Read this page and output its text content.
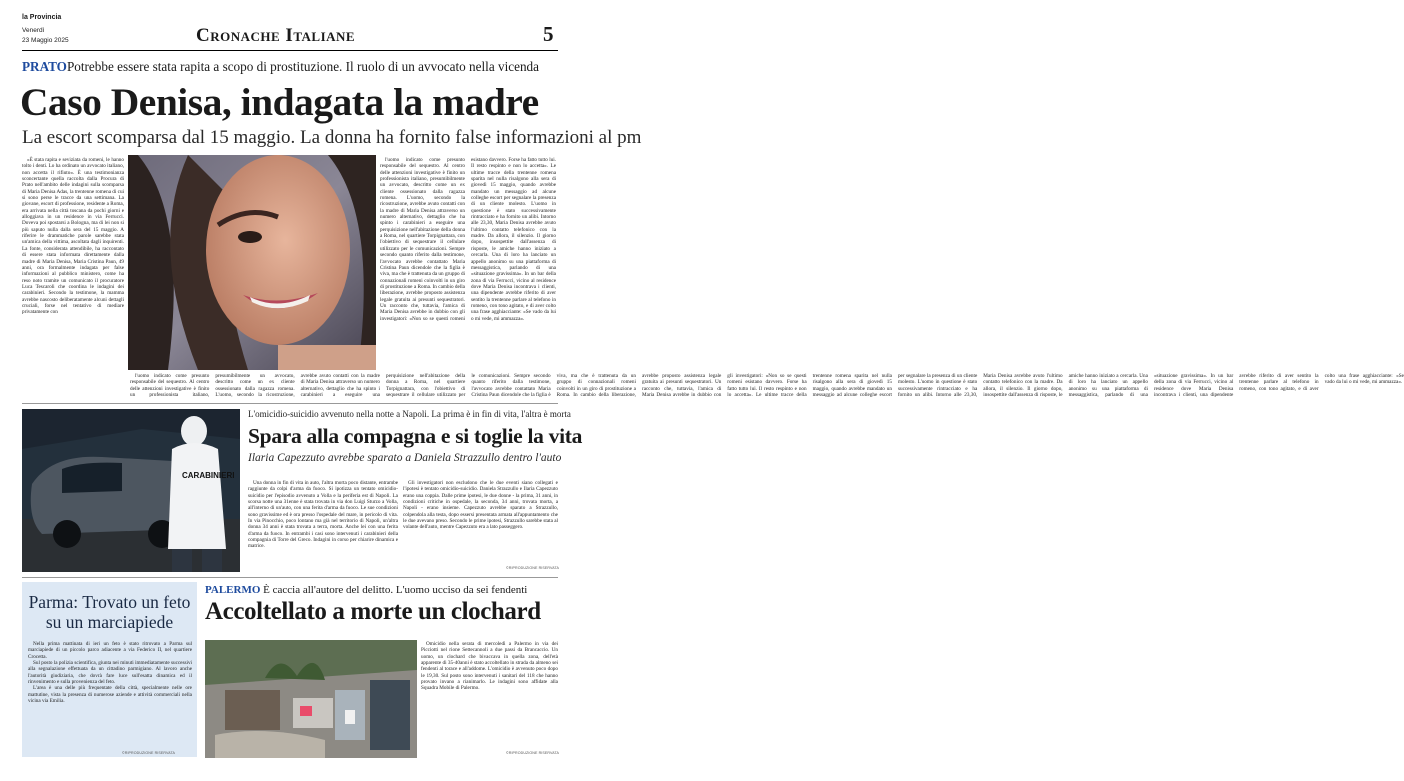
la Provincia
Venerdì
23 Maggio 2025	Cronache Italiane	5
PRATOPotrebbe essere stata rapita a scopo di prostituzione. Il ruolo di un avvocato nella vicenda
Caso Denisa, indagata la madre
La escort scomparsa dal 15 maggio. La donna ha fornito false informazioni al pm

«È stata rapita e seviziata da romeni, le hanno tolto i denti. Lo ha ordinato un avvocato italiano, non accetta il rifiuto». È una testimonianza sconcertante quella raccolta dalla Procura di Prato nell'ambito delle indagini sulla scomparsa di Maria Denisa Adas, la trentenne romena di cui si sono perse le tracce da una settimana. La giovane, escort di professione, residente a Roma, era arrivata nella città toscana da pochi giorni e alloggiava in un residence in via Ferrucci. Doveva poi spostarsi a Bologna, ma di lei non si più saputo nulla dalla sera del 15 maggio. A riferire le drammatiche parole sarebbe stata un'amica della vittima, ascoltata dagli inquirenti. La fonte, considerata attendibile, ha raccontato di essere stata informata direttamente dalla madre di Maria Denisa, Maria Cristina Paun, 49 anni, ora formalmente indagata per false informazioni al pubblico ministero, come ha reso noto tramite un comunicato il procuratore Luca Tescaroli che coordina le indagini dei carabinieri. Secondo la testimone, la mamma avrebbe nascosto deliberatamente alcuni dettagli cruciali, forse nel tentativo di mediare privatamente con

l'uomo indicato come presunto responsabile del sequestro. Al centro delle attenzioni investigative è finito un professionista italiano, presumibilmente un avvocato, descritto come un ex cliente ossessionato dalla ragazza romena. L'uomo, secondo la ricostruzione, avrebbe avuto contatti con la madre di Maria Denisa attraverso un numero alternativo, dettaglio che ha spinto i carabinieri a eseguire una perquisizione nell'abitazione della donna a Roma, nel quartiere Torpignattara, con l'obiettivo di sequestrare il cellulare utilizzato per le comunicazioni. Sempre secondo quanto riferito dalla testimone, l'avvocato avrebbe contattato Maria Cristina Paun dicendole che la figlia è viva, ma che è trattenuta da un gruppo di connazionali romeni coinvolti in un giro di prostituzione a Roma. In cambio della liberazione, avrebbe proposto assistenza legale gratuita ai presunti sequestratori. Un racconto che, tuttavia, l'amica di Maria Denisa avrebbe in dubbio con gli investigatori: «Non so se questi romeni esistano davvero. Forse ha fatto tutto lui. Il resto respinto e non lo accetta». Le ultime tracce della trentenne romena sparita nel nulla risalgono alla sera di giovedì 15 maggio, quando avrebbe mandato un messaggio ad alcune colleghe escort per segnalare la presenza di un cliente molesto. L'uomo in questione è stato successivamente rintracciato e ha fornito un alibi. Intorno alle 23,30, Maria Denisa avrebbe avuto l'ultimo contatto telefonico con la madre. Da allora, il silenzio. Il giorno dopo, insospettite dall'assenza di risposte, le amiche hanno iniziato a cercarla. Una di loro ha lanciato un appello anonimo su una piattaforma di messaggistica, parlando di una «situazione gravissima». In un bar della zona di via Ferrucci, vicino al residence dove Maria Denisa incontrava i clienti, una dipendente avrebbe riferito di aver sentito la trentenne parlare al telefono in romeno, con tono agitato, e di aver colto una frase agghiacciante: «Se vado da lui o mi vede, mi ammazza».

l'uomo indicato come presunto responsabile del sequestro. Al centro delle attenzioni investigative è finito un professionista italiano, presumibilmente un avvocato, descritto come un ex cliente ossessionato dalla ragazza romena. L'uomo, secondo la ricostruzione, avrebbe avuto contatti con la madre di Maria Denisa attraverso un numero alternativo, dettaglio che ha spinto i carabinieri a eseguire una perquisizione nell'abitazione della donna a Roma, nel quartiere Torpignattara, con l'obiettivo di sequestrare il cellulare utilizzato per le comunicazioni. Sempre secondo quanto riferito dalla testimone, l'avvocato avrebbe contattato Maria Cristina Paun dicendole che la figlia è viva, ma che è trattenuta da un gruppo di connazionali romeni coinvolti in un giro di prostituzione a Roma. In cambio della liberazione, avrebbe proposto assistenza legale gratuita ai presunti sequestratori. Un racconto che, tuttavia, l'amica di Maria Denisa avrebbe in dubbio con gli investigatori: «Non so se questi romeni esistano davvero. Forse ha fatto tutto lui. Il resto respinto e non lo accetta». Le ultime tracce della trentenne romena sparita nel nulla risalgono alla sera di giovedì 15 maggio, quando avrebbe mandato un messaggio ad alcune colleghe escort per segnalare la presenza di un cliente molesto. L'uomo in questione è stato successivamente rintracciato e ha fornito un alibi. Intorno alle 23,30, Maria Denisa avrebbe avuto l'ultimo contatto telefonico con la madre. Da allora, il silenzio. Il giorno dopo, insospettite dall'assenza di risposte, le amiche hanno iniziato a cercarla. Una di loro ha lanciato un appello anonimo su una piattaforma di messaggistica, parlando di una «situazione gravissima». In un bar della zona di via Ferrucci, vicino al residence dove Maria Denisa incontrava i clienti, una dipendente avrebbe riferito di aver sentito la trentenne parlare al telefono in romeno, con tono agitato, e di aver colto una frase agghiacciante: «Se vado da lui o mi vede, mi ammazza».

CARABINIERI
L'omicidio-suicidio avvenuto nella notte a Napoli. La prima è in fin di vita, l'altra è morta
Spara alla compagna e si toglie la vita
Ilaria Capezzuto avrebbe sparato a Daniela Strazzullo dentro l'auto

Una donna in fin di vita in auto, l'altra morta poco distante, entrambe raggiunte da colpi d'arma da fuoco. Si ipotizza un tentato omicidio-suicidio per l'episodio avvenuto a Volla e la periferia est di Napoli. La scorsa notte una 31enne è stata trovata in via don Luigi Sturzo a Volla, all'interno di un'auto, con una ferita d'arma da fuoco. Le sue condizioni sono gravissime ed è ora presso l'ospedale del mare, in pericolo di vita. In via Pinocchio, poco lontano ma già nel territorio di Napoli, un'altra donna 34 anni è stata trovata a terra, morta. Anche lei con una ferita d'arma da fuoco. In entrambi i casi sono intervenuti i carabinieri della compagnia di Torre del Greco. Indagini in corso per chiarire dinamica e matrice.

Gli investigatori non escludono che le due eventi siano collegati e l'ipotesi è tentato omicidio-suicidio. Daniela Strazzullo e Ilaria Capezzuto erano una coppia. Dalle prime ipotesi, le due donne - la prima, 31 anni, in condizioni critiche in ospedale, la seconda, 34 anni, trovata morta, a Napoli - erano insieme. Capezzuto avrebbe sparato a Strazzullo, colpendola alla testa, dopo essersi presentata armata all'appuntamento che le due avevano preso. Secondo le prime ipotesi, Strazzullo sarebbe stata al volante dell'auto, mentre Capezzuto era a lato passeggero.

©RIPRODUZIONE RISERVATA
Parma: Trovato un feto su un marciapiede

Nella prima mattinata di ieri un feto è stato ritrovato a Parma sul marciapiede di un piccolo parco adiacente a via Federico II, nel quartiere Crocetta.

Sul posto la polizia scientifica, giunta nei minuti immediatamente successivi alla segnalazione effettuata da un cittadino parmigiano. Al lavoro anche l'autorità giudiziaria, che dovrà fare luce sull'esatta dinamica ed il rinvenimento e sulla provenienza del feto.

L'area è una delle più frequentate della città, specialmente nelle ore mattutine, vista la presenza di numerose aziende e attività commerciali nella vicina via Emilia.

©RIPRODUZIONE RISERVATA
PALERMO È caccia all'autore del delitto. L'uomo ucciso da sei fendenti
Accoltellato a morte un clochard

Omicidio nella serata di mercoledì a Palermo in via dei Picciotti nel rione Settecannoli a due passi da Brancaccio. Un uomo, un clochard che bivaccava in quella zona, dell'età apparente di 35-40anni è stato accoltellato in strada da almeno sei fendenti al torace e all'addome. L'omicidio è avvenuto poco dopo le 19,30. Sul posto sono intervenuti i sanitari del 118 che hanno provato invano a rianimarlo. Le indagini sono affidate alla Squadra Mobile di Palermo.

©RIPRODUZIONE RISERVATA
